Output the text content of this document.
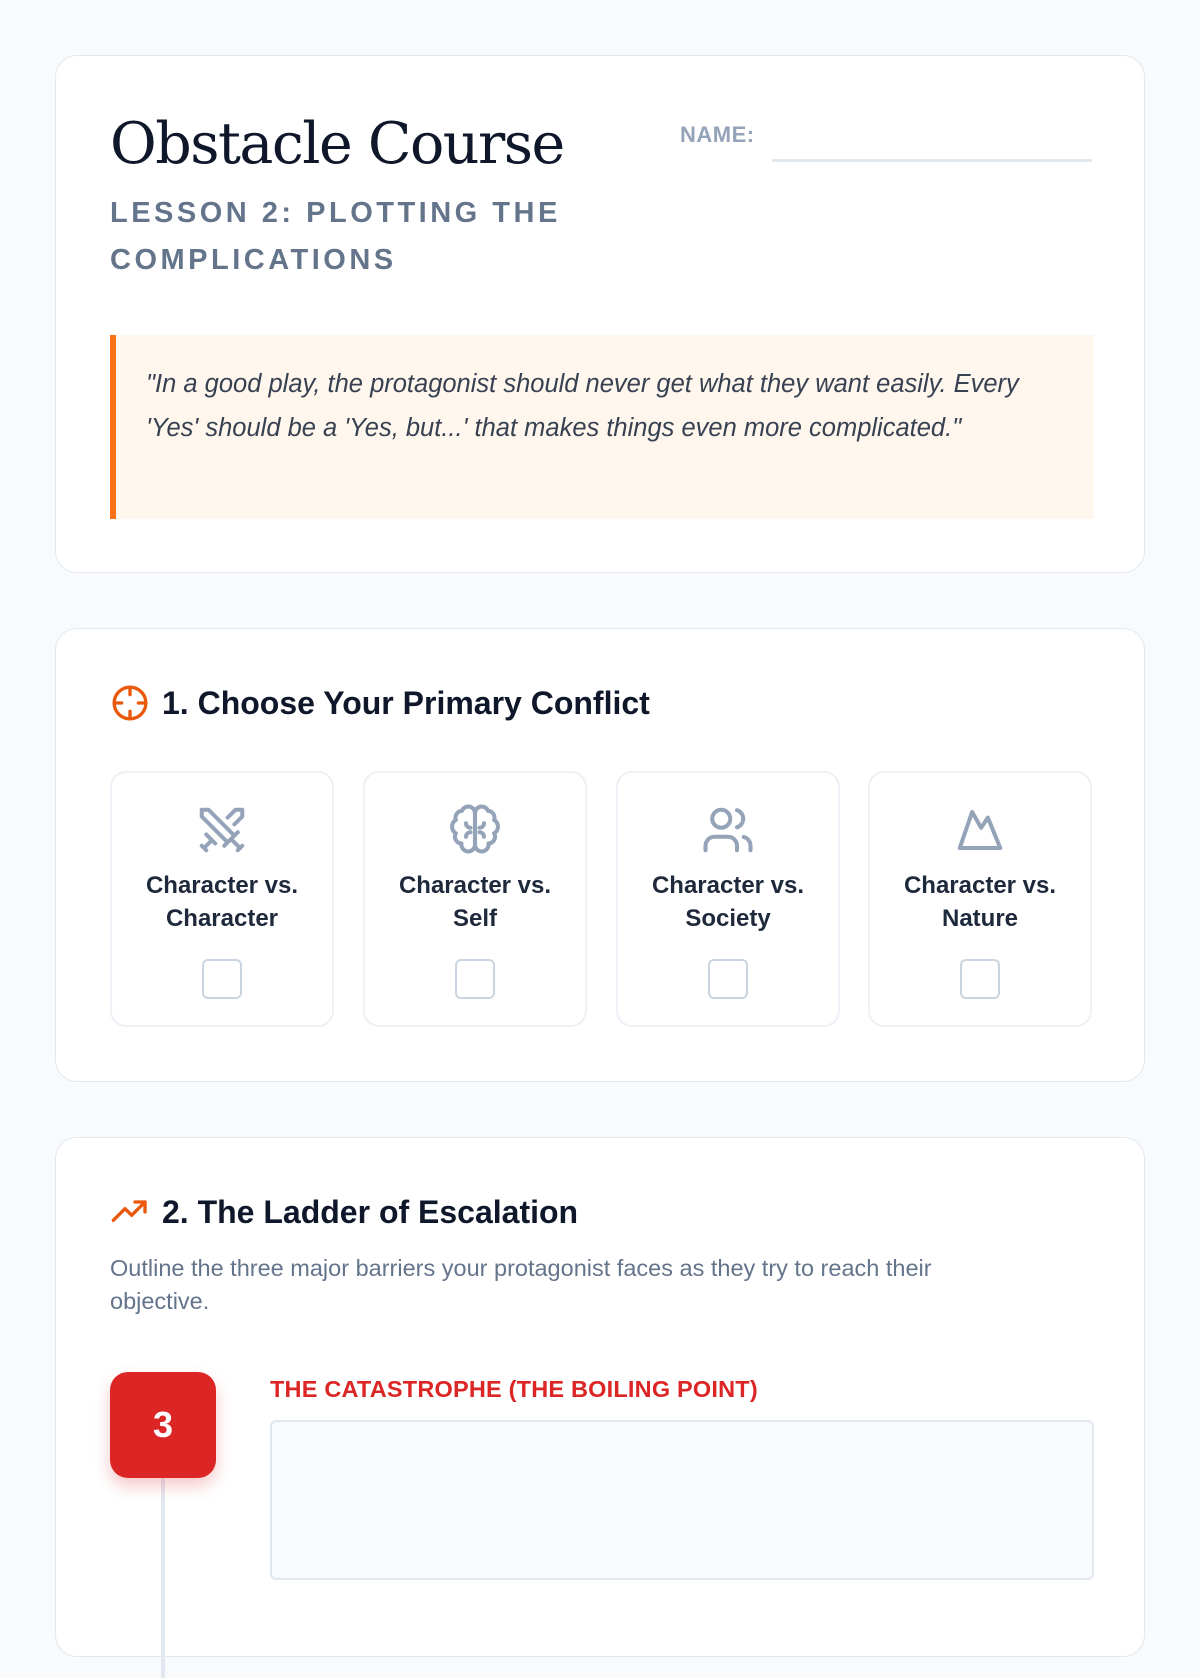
Obstacle Course

LESSON 2: PLOTTING THE COMPLICATIONS

NAME:
"In a good play, the protagonist should never get what they want easily. Every 'Yes' should be a 'Yes, but...' that makes things even more complicated."
1. Choose Your Primary Conflict
Character vs.
Character
Character vs.
Self
Character vs.
Society
Character vs.
Nature
2. The Ladder of Escalation

Outline the three major barriers your protagonist faces as they try to reach their objective.

3
THE CATASTROPHE (THE BOILING POINT)
